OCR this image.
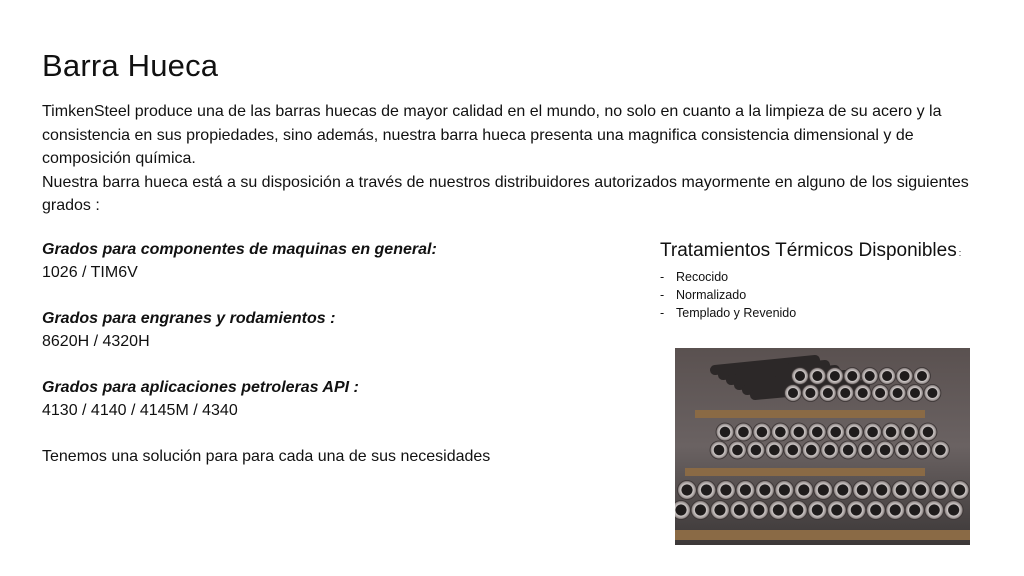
Barra Hueca

TimkenSteel produce una de las barras huecas de mayor calidad en el mundo, no solo en cuanto a la limpieza de su acero y la consistencia en sus propiedades, sino además, nuestra barra hueca presenta una magnifica consistencia dimensional y de composición química.

Nuestra barra hueca está a su disposición a través de nuestros distribuidores autorizados mayormente en alguno de los siguientes grados :

Grados para componentes de maquinas en general:
1026 / TIM6V
Grados para engranes y rodamientos :
8620H / 4320H
Grados para aplicaciones petroleras API :
4130 / 4140 / 4145M / 4340
Tenemos una solución para para cada una de sus necesidades
Tratamientos Térmicos Disponibles :
- Recocido
- Normalizado
- Templado y Revenido
